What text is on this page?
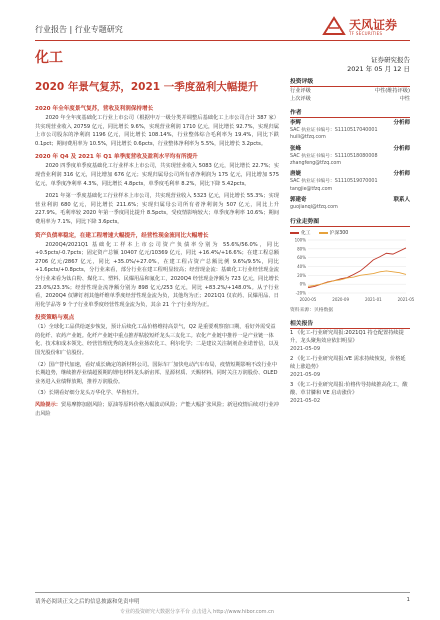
行业报告 | 行业专题研究	天风证券
TF SECURITIES
化工	证券研究报告
2021 年 05 月 12 日
2020 年景气复苏，2021 一季度盈利大幅提升
2020 年全年度景气复苏，营收及利润保持增长

2020 年全年度基础化工行业上市公司（根据申万一级分类并调整后基础化工上市公司合计 387 家）共实现营业收入 20759 亿元，同比增长 9.6%，实现营业利润 1710 亿元，同比增长 92.7%，实现归属上市公司股东的净利润 1196 亿元，同比增长 108.14%，行业整体综合毛利率为 19.4%，同比下跌 0.1pct；期间费用率为 10.5%，同比增长 0.6pcts，行业整体净利率为 5.5%，同比增长 3.2pcts。

2020 年 Q4 及 2021 年 Q1 单季度营收及盈利水平均有所提升

2020 四季度单季度基础化工行业样本上市公司，共实现营业收入 5083 亿元，同比增长 22.7%；实现营业利润 316 亿元，同比增加 676 亿元；实现归属母公司所有者净利润为 175 亿元，同比增加 575 亿元，单季度净利率 4.3%，同比增长 4.8pcts，单季度毛利率 8.2%，同比下降 5.42pcts。

2021 年第一季度基础化工行业样本上市公司，共实现营业收入 5323 亿元，同比增长 55.3%；实现营业利润 680 亿元，同比增长 211.6%；实现归属母公司所有者净利润为 507 亿元，同比上升 227.9%。毛利率较 2020 年第一季度同比提升 8.5pcts，受疫情影响较大；单季度净利率 10.6%；期间费用率为 7.1%，同比下降 3.6pcts。

资产负债率稳定，在建工程增速大幅提升，经营性现金流同比大幅增长

2020Q4/2021Q1 基础化工样本上市公司资产负债率分别为 55.6%/56.0%，同比 +0.5pcts/-0.7pcts；固定资产总额 10407 亿元/10369 亿元，同比 +16.4%/+16.6%；在建工程总额 2706 亿元/2867 亿元，同比 +35.0%/+27.0%，在建工程占资产总额比例 9.6%/9.5%，同比 +1.6pcts/+0.8pcts，分行业来看，部分行业在建工程明显较高；经营现金流：基础化工行业经营现金流分行业来看为钛白粉、煤化工、塑料、民爆用品和氟化工，2020Q4 经营现金净额为 723 亿元，同比增长 23.0%/23.3%；经营性现金流净额分别为 898 亿元/253 亿元，同比 +83.2%/+148.0%。从子行业看，2020Q4 仅铆钉剂其他纤维单季度经营性现金流为负，其他均为正；2021Q1 仅农药、民爆用品、日用化学品等 9 个子行业单季度经营性现金流为负，其余 21 个子行业均为正。

投资策略与观点
（1）全球化工品供给逐步恢复，预计后续化工品价格维持高景气，Q2 是重要观察窗口期，看好外需受益的化纤、农药产业链。化纤产业链中重点推荐粘胶短纤龙头三友化工。农化产业链中推荐一是产业链一体化、技术和成本领先、经营管理优秀的龙头企业扬农化工、利尔化学；二是建议关注制剂企业诺普信，以及国光股份和广信股份。
（2）国产替代加速，看好成长确定的新材料公司。国际车厂加快电动汽车布局，疫情短期影响不改行业中长期趋势，继续推荐业绩超预期的锂电材料龙头新宙邦、星源材质、天赐材料。同时关注万润股份、OLED 业务进入业绩释放期，推荐万润股份。
（3）长期看好细分龙头万华化学、华鲁恒升。

风险提示：贸易摩擦加剧风险；原油等原料价格大幅波动风险；产能大幅扩张风险；新冠疫情后续对行业冲击风险

投资评级
行业评级	中性(维持评级)
上次评级	中性
作者
李辉	分析师
SAC 执业证书编号：S1110517040001
huili@tfzq.com
张峰	分析师
SAC 执业证书编号：S1110518080008
zhangfeng@tfzq.com
唐婕	分析师
SAC 执业证书编号：S1110519070001
tangjie@tfzq.com
郭建奇	联系人
guojianqi@tfzq.com
行业走势图
化工	沪深300
-20%
0%
20%
40%
60%
80%
100%
2020-05	2020-09	2021-01	2021-05
资料来源：贝格数据
相关报告
1 《化工-行业研究周报:2021Q1 持仓配置持续提升，龙头聚焦效应依旧明显》
2021-05-09
2 《化工-行业研究周报:VE 需求持续恢复，价格延续上涨趋势》
2021-05-09
3 《化工-行业研究周报:价格传导持续推高化工，酸酸、草甘膦和 VE 启动涨价》
2021-05-02
请务必阅读正文之后的信息披露和免责申明	1
专业的投资研究大数据分享平台 点击进入 http://www.hibor.com.cn
